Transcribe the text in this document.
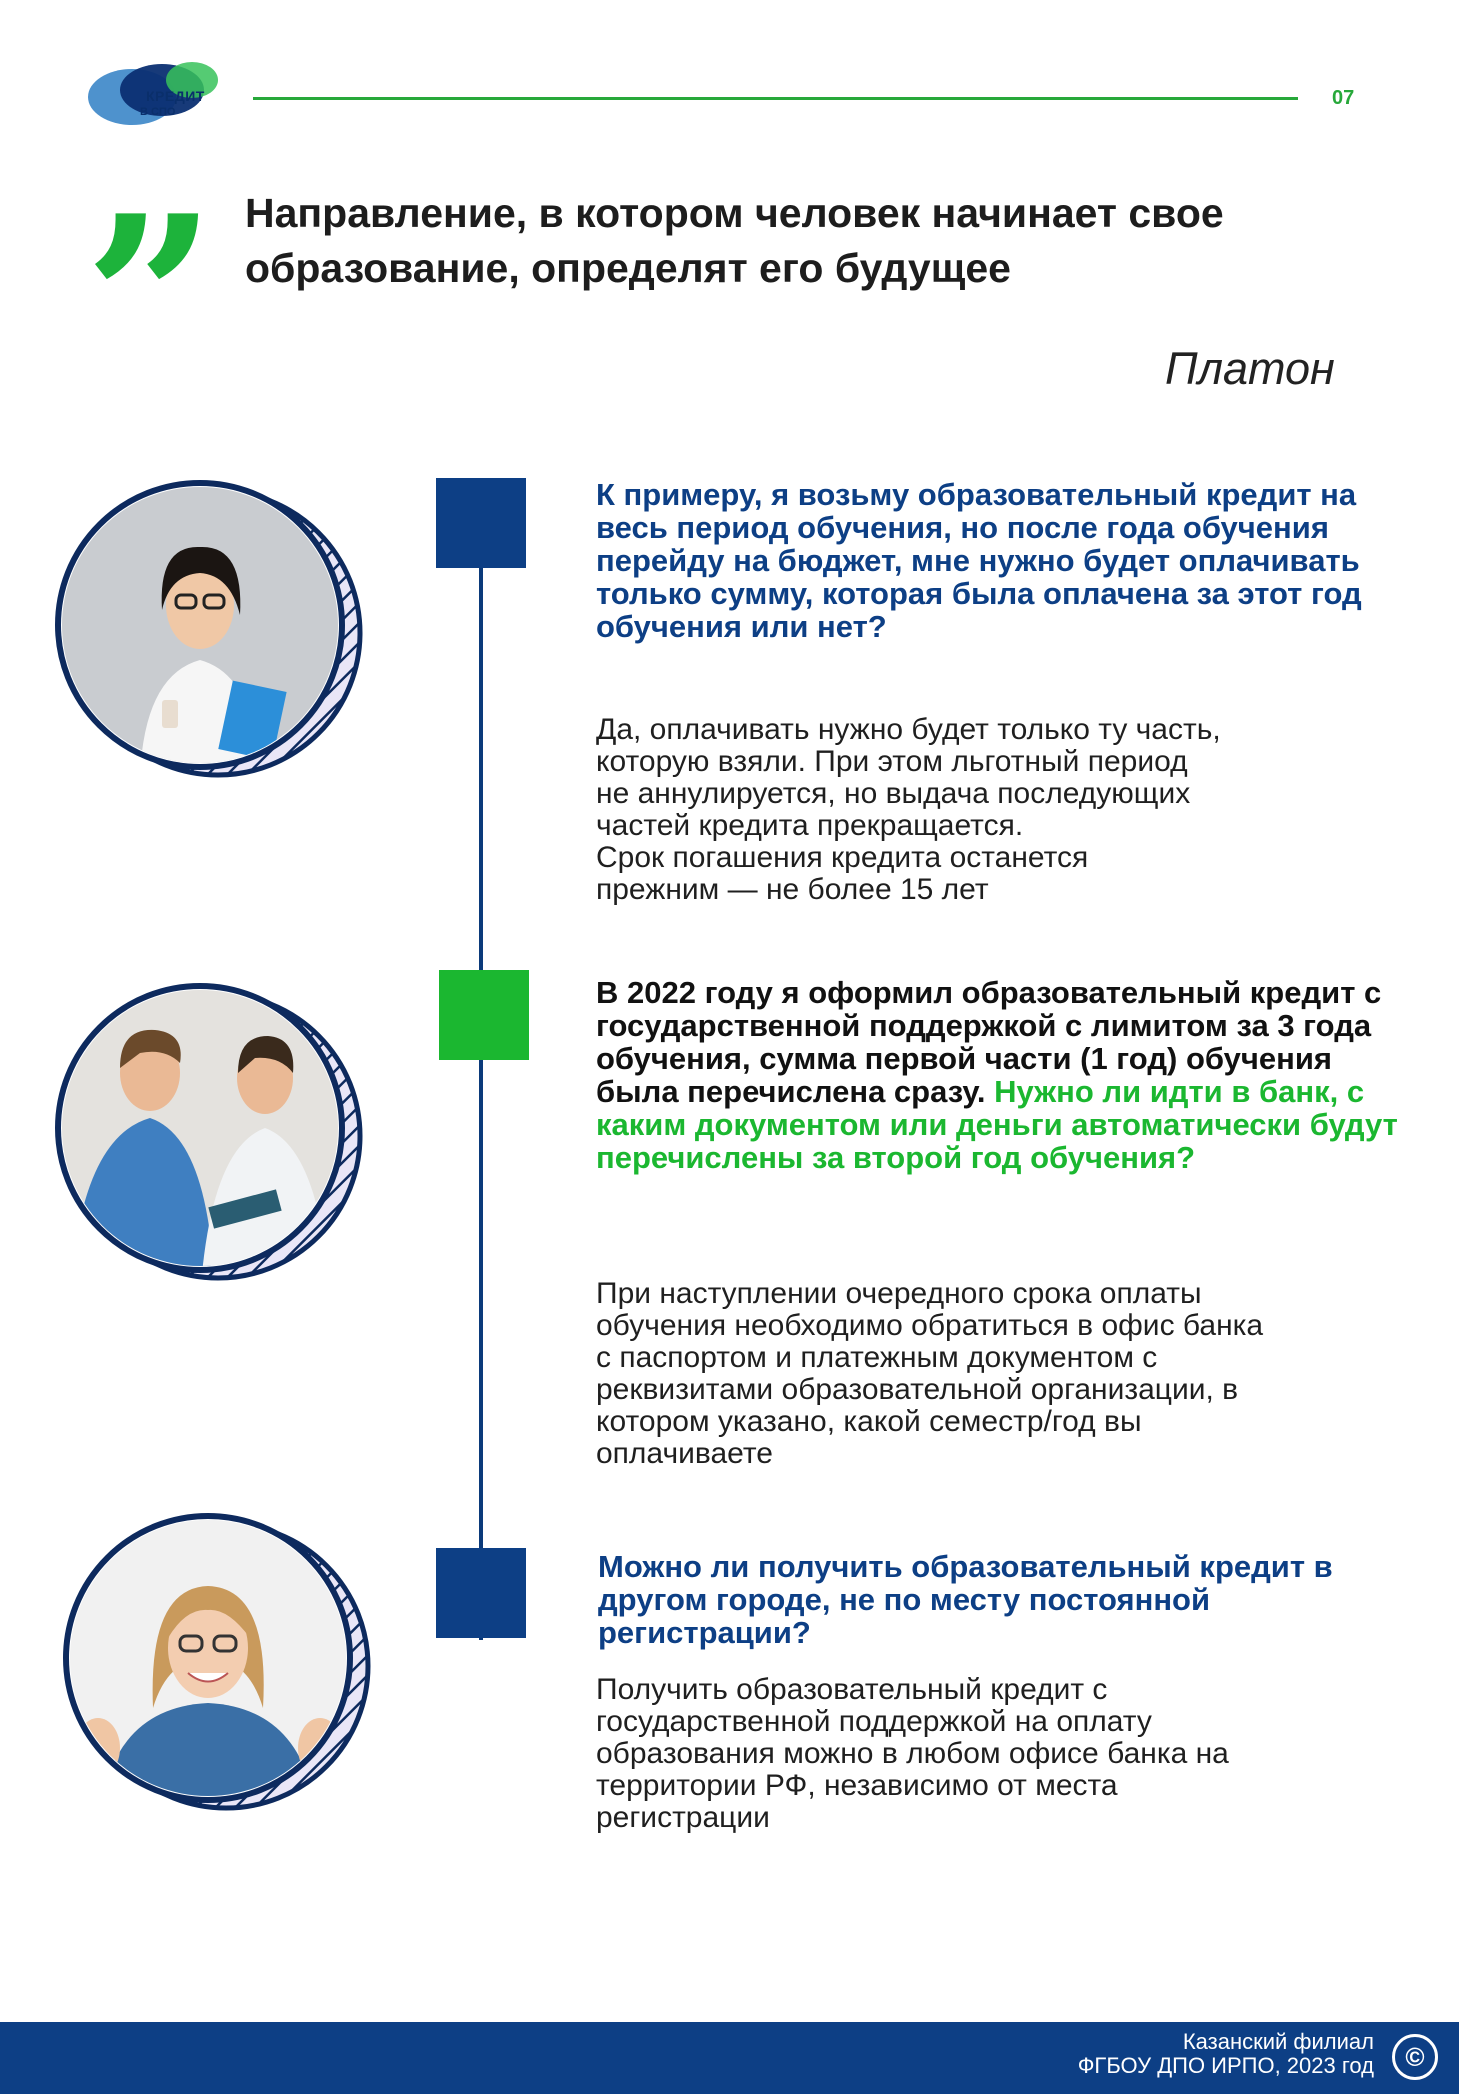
КРЕДИТ
В СПО
07
” Направление, в котором человек начинает свое образование, определят его будущее
Платон
К примеру, я возьму образовательный кредит на весь период обучения, но после года обучения перейду на бюджет, мне нужно будет оплачивать только сумму, которая была оплачена за этот год обучения или нет?
Да, оплачивать нужно будет только ту часть,
которую взяли. При этом льготный период
не аннулируется, но выдача последующих
частей кредита прекращается.
Срок погашения кредита останется
прежним — не более 15 лет
В 2022 году я оформил образовательный кредит с государственной поддержкой с лимитом за 3 года обучения, сумма первой части (1 год) обучения была перечислена сразу. Нужно ли идти в банк, с каким документом или деньги автоматически будут перечислены за второй год обучения?
При наступлении очередного срока оплаты
обучения необходимо обратиться в офис банка
с паспортом и платежным документом с
реквизитами образовательной организации, в
котором указано, какой семестр/год вы
оплачиваете
Можно ли получить образовательный кредит в другом городе, не по месту постоянной регистрации?
Получить образовательный кредит с
государственной поддержкой на оплату
образования можно в любом офисе банка на
территории РФ, независимо от места
регистрации
Казанский филиал
ФГБОУ ДПО ИРПО, 2023 год	©
